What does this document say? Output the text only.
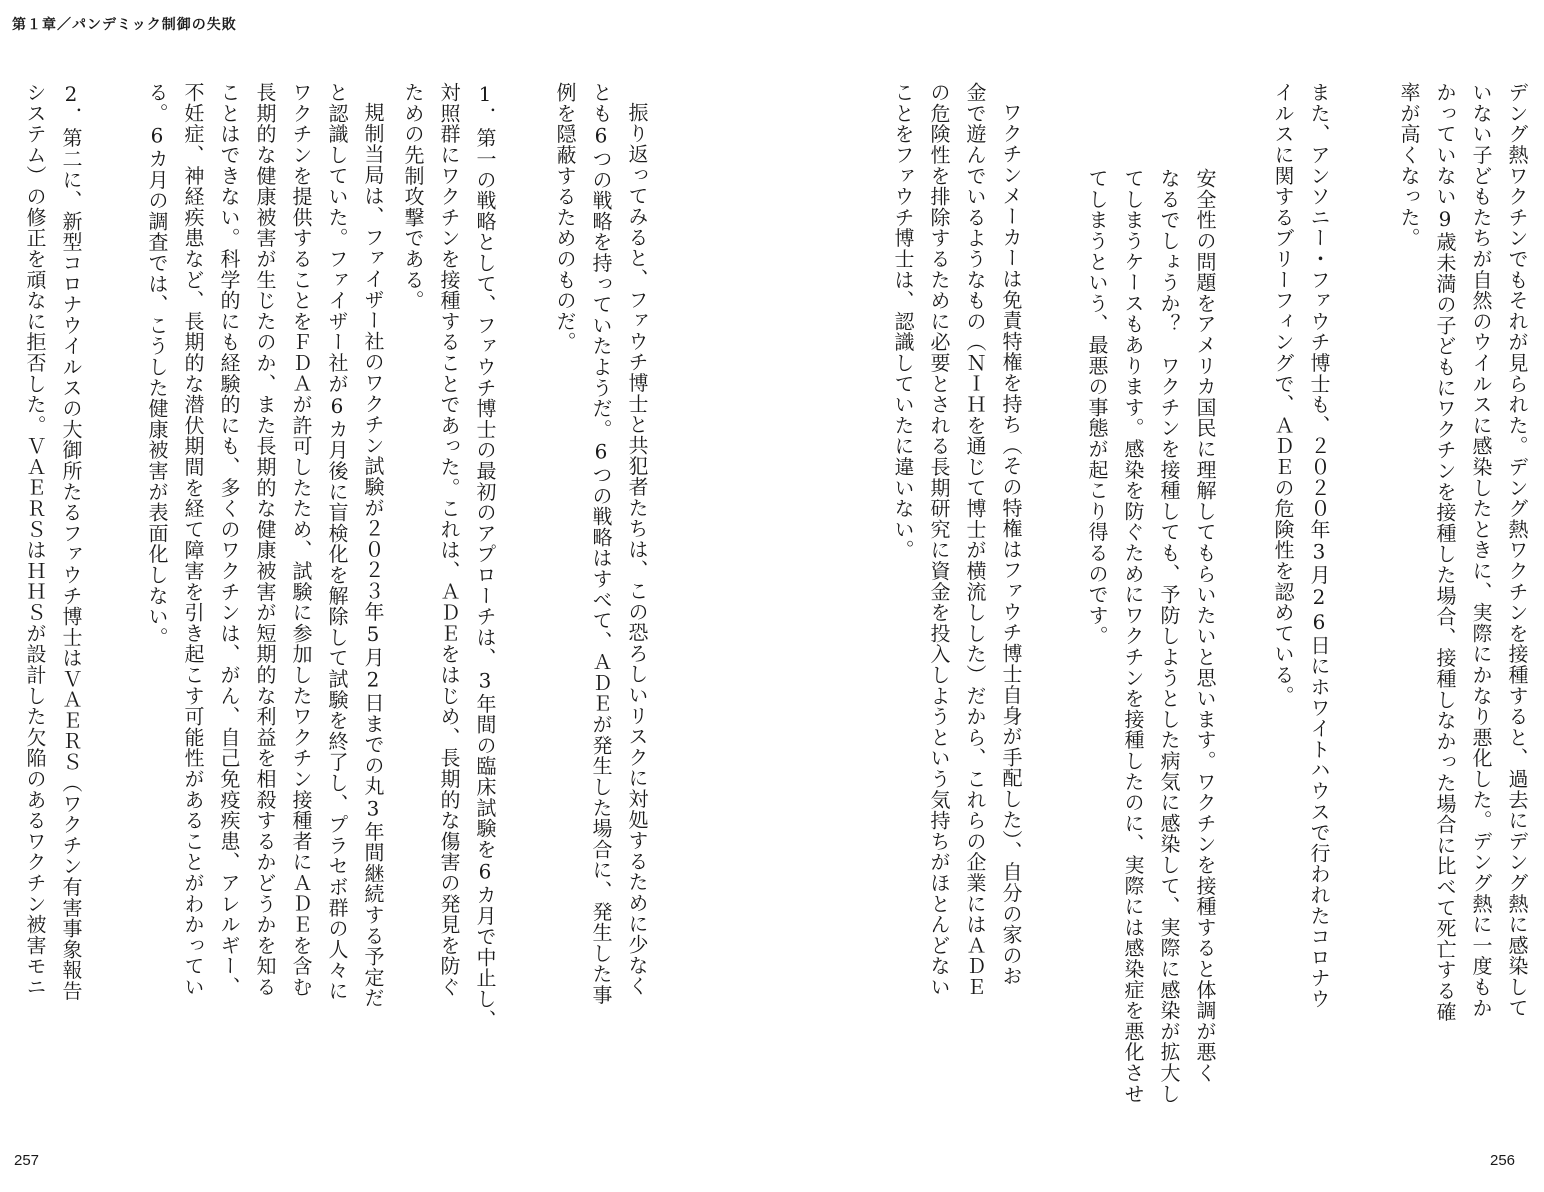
第１章／パンデミック制御の失敗
デング熱ワクチンでもそれが見られた。デング熱ワクチンを接種すると、過去にデング熱に感染して
いない子どもたちが自然のウイルスに感染したときに、実際にかなり悪化した。デング熱に一度もか
かっていない9歳未満の子どもにワクチンを接種した場合、接種しなかった場合に比べて死亡する確
率が高くなった。
また、アンソニー・ファウチ博士も、２０２０年3月26日にホワイトハウスで行われたコロナウ
イルスに関するブリーフィングで、ＡＤＥの危険性を認めている。
安全性の問題をアメリカ国民に理解してもらいたいと思います。ワクチンを接種すると体調が悪く
なるでしょうか？　ワクチンを接種しても、予防しようとした病気に感染して、実際に感染が拡大し
てしまうケースもあります。感染を防ぐためにワクチンを接種したのに、実際には感染症を悪化させ
てしまうという、最悪の事態が起こり得るのです。
ワクチンメーカーは免責特権を持ち（その特権はファウチ博士自身が手配した）、自分の家のお
金で遊んでいるようなもの（ＮＩＨを通じて博士が横流しした）だから、これらの企業にはＡＤＥ
の危険性を排除するために必要とされる長期研究に資金を投入しようという気持ちがほとんどない
ことをファウチ博士は、認識していたに違いない。
振り返ってみると、ファウチ博士と共犯者たちは、この恐ろしいリスクに対処するために少なく
とも6つの戦略を持っていたようだ。6つの戦略はすべて、ＡＤＥが発生した場合に、発生した事
例を隠蔽するためのものだ。
1．第一の戦略として、ファウチ博士の最初のアプローチは、3年間の臨床試験を6カ月で中止し、
対照群にワクチンを接種することであった。これは、ＡＤＥをはじめ、長期的な傷害の発見を防ぐ
ための先制攻撃である。
規制当局は、ファイザー社のワクチン試験が２０２３年5月2日までの丸3年間継続する予定だ
と認識していた。ファイザー社が6カ月後に盲検化を解除して試験を終了し、プラセボ群の人々に
ワクチンを提供することをＦＤＡが許可したため、試験に参加したワクチン接種者にＡＤＥを含む
長期的な健康被害が生じたのか、また長期的な健康被害が短期的な利益を相殺するかどうかを知る
ことはできない。科学的にも経験的にも、多くのワクチンは、がん、自己免疫疾患、アレルギー、
不妊症、神経疾患など、長期的な潜伏期間を経て障害を引き起こす可能性があることがわかってい
る。6カ月の調査では、こうした健康被害が表面化しない。
2．第二に、新型コロナウイルスの大御所たるファウチ博士はＶＡＥＲＳ（ワクチン有害事象報告
システム）の修正を頑なに拒否した。ＶＡＥＲＳはＨＨＳが設計した欠陥のあるワクチン被害モニ
257	256
